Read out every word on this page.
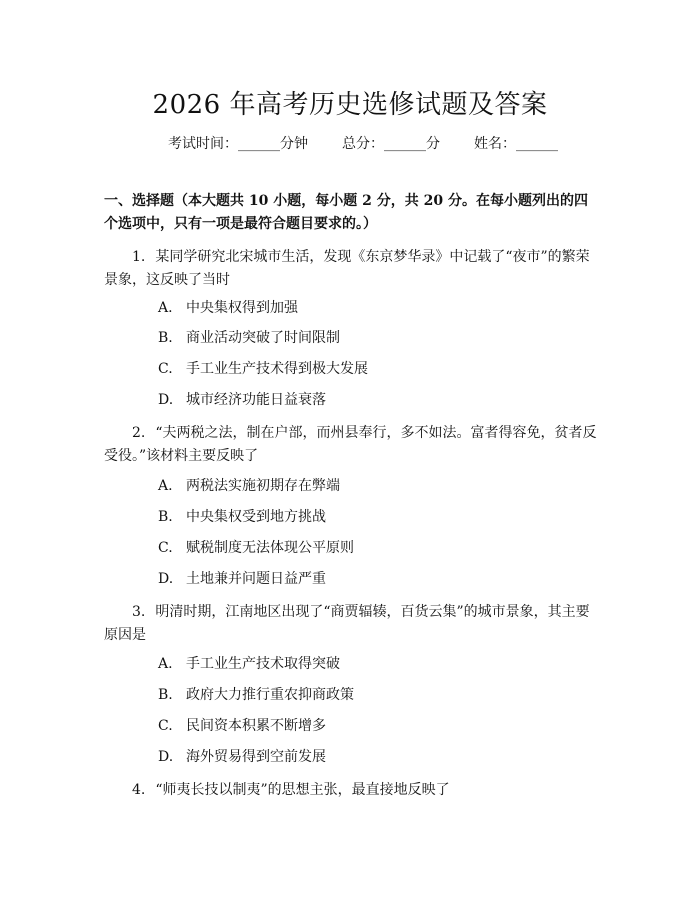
2026 年高考历史选修试题及答案
考试时间：______分钟 总分：______分 姓名：______
一、选择题（本大题共 10 小题，每小题 2 分，共 20 分。在每小题列出的四个选项中，只有一项是最符合题目要求的。）
1. 某同学研究北宋城市生活，发现《东京梦华录》中记载了“夜市”的繁荣景象，这反映了当时
A. 中央集权得到加强
B. 商业活动突破了时间限制
C. 手工业生产技术得到极大发展
D. 城市经济功能日益衰落
2. “夫两税之法，制在户部，而州县奉行，多不如法。富者得容免，贫者反受役。”该材料主要反映了
A. 两税法实施初期存在弊端
B. 中央集权受到地方挑战
C. 赋税制度无法体现公平原则
D. 土地兼并问题日益严重
3. 明清时期，江南地区出现了“商贾辐辏，百货云集”的城市景象，其主要原因是
A. 手工业生产技术取得突破
B. 政府大力推行重农抑商政策
C. 民间资本积累不断增多
D. 海外贸易得到空前发展
4. “师夷长技以制夷”的思想主张，最直接地反映了
